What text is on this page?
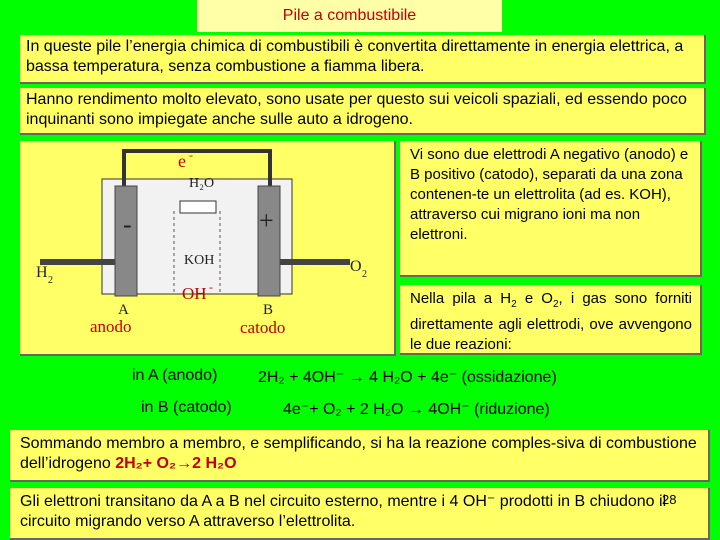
Pile a combustibile
In queste pile l’energia chimica di combustibili è convertita direttamente in energia elettrica, a bassa temperatura, senza combustione a fiamma libera.
Hanno rendimento molto elevato, sono usate per questo sui veicoli spaziali, ed essendo poco inquinanti sono impiegate anche sulle auto a idrogeno.
e -
H₂O
-	+
KOH
H 2
O 2
OH -
A	B
anodo	catodo
Vi sono due elettrodi A negativo (anodo) e B positivo (catodo), separati da una zona contenen-te un elettrolita (ad es. KOH), attraverso cui migrano ioni ma non elettroni.
Nella pila a $H_2$ e $O_2$, i gas sono forniti direttamente agli elettrodi, ove avvengono le due reazioni:
in A (anodo)	2H₂ + 4OH⁻ → 4 H₂O + 4e⁻ (ossidazione)
in B (catodo)	4e⁻+ O₂ + 2 H₂O → 4OH⁻ (riduzione)
Sommando membro a membro, e semplificando, si ha la reazione comples-siva di combustione dell’idrogeno 2H₂+ O₂→2 H₂O
Gli elettroni transitano da A a B nel circuito esterno, mentre i 4 OH⁻ prodotti in B chiudono il circuito migrando verso A attraverso l’elettrolita.
28
